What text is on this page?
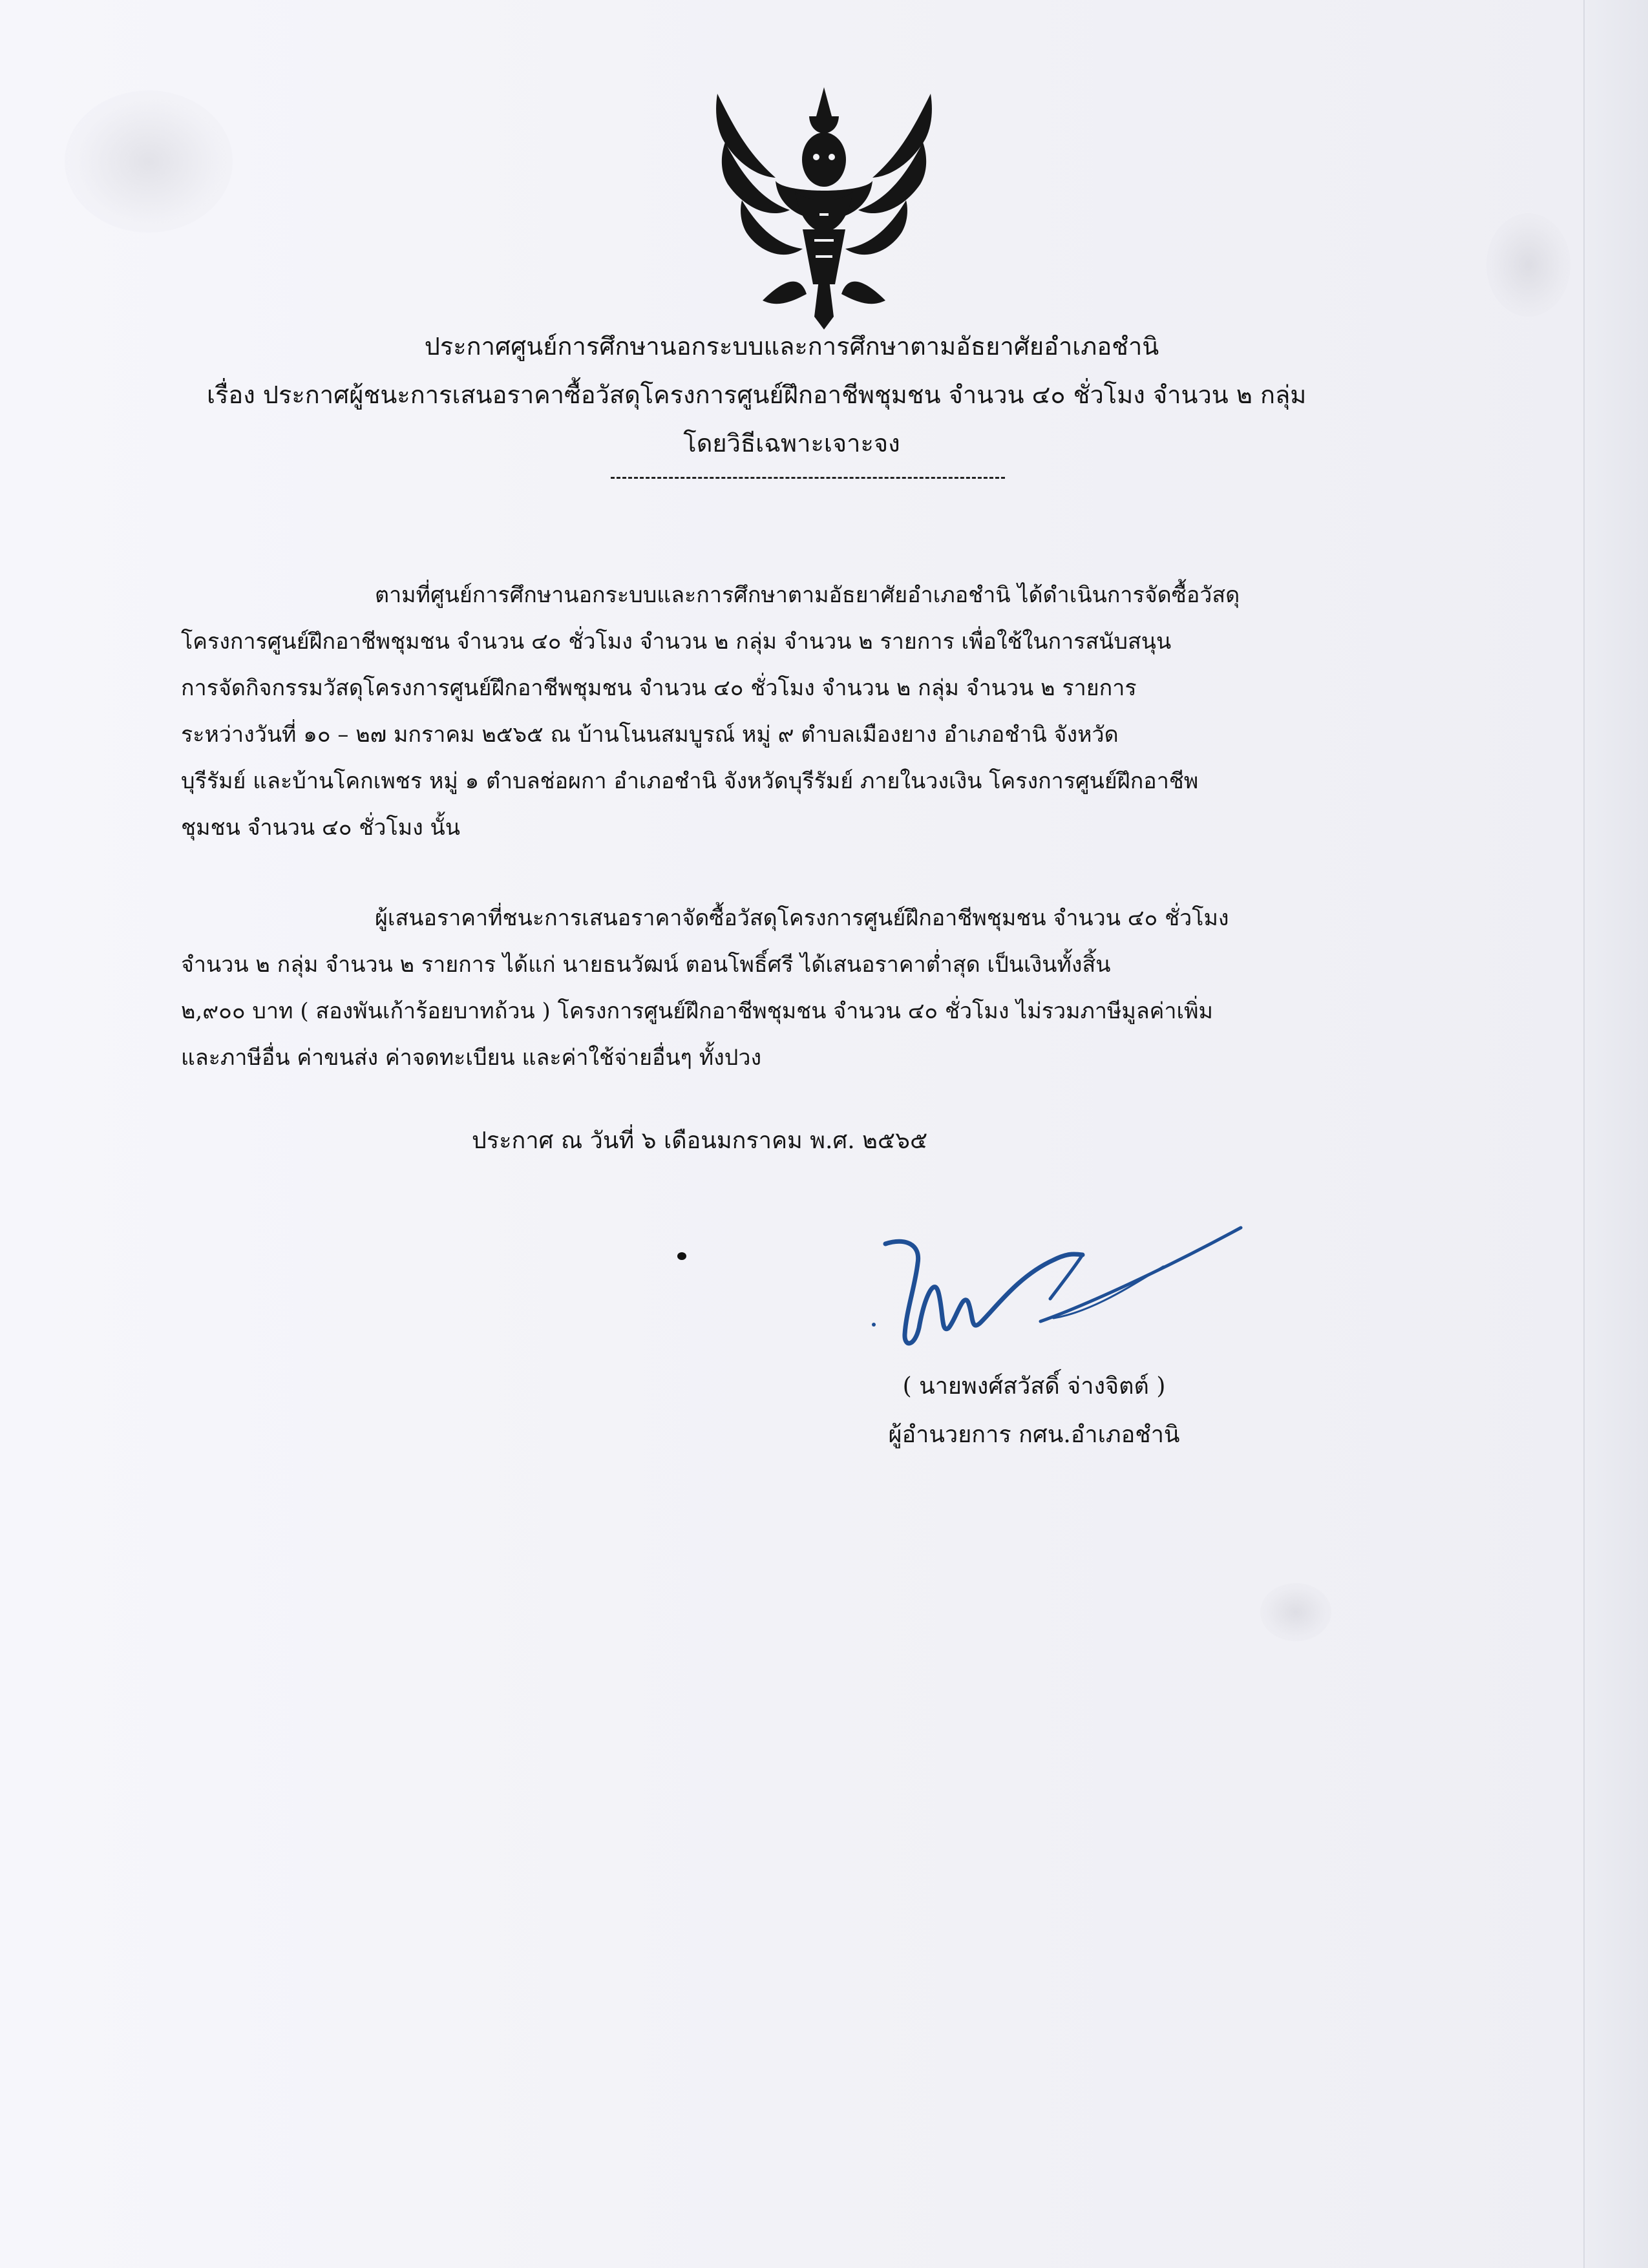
ประกาศศูนย์การศึกษานอกระบบและการศึกษาตามอัธยาศัยอำเภอชำนิ
เรื่อง ประกาศผู้ชนะการเสนอราคาซื้อวัสดุโครงการศูนย์ฝึกอาชีพชุมชน จำนวน ๔๐ ชั่วโมง จำนวน ๒ กลุ่ม
โดยวิธีเฉพาะเจาะจง
ตามที่ศูนย์การศึกษานอกระบบและการศึกษาตามอัธยาศัยอำเภอชำนิ ได้ดำเนินการจัดซื้อวัสดุ
โครงการศูนย์ฝึกอาชีพชุมชน จำนวน ๔๐ ชั่วโมง จำนวน ๒ กลุ่ม จำนวน ๒ รายการ เพื่อใช้ในการสนับสนุน
การจัดกิจกรรมวัสดุโครงการศูนย์ฝึกอาชีพชุมชน จำนวน ๔๐ ชั่วโมง จำนวน ๒ กลุ่ม จำนวน ๒ รายการ
ระหว่างวันที่ ๑๐ – ๒๗ มกราคม ๒๕๖๕ ณ บ้านโนนสมบูรณ์ หมู่ ๙ ตำบลเมืองยาง อำเภอชำนิ จังหวัด
บุรีรัมย์ และบ้านโคกเพชร หมู่ ๑ ตำบลช่อผกา อำเภอชำนิ จังหวัดบุรีรัมย์ ภายในวงเงิน โครงการศูนย์ฝึกอาชีพ
ชุมชน จำนวน ๔๐ ชั่วโมง นั้น
ผู้เสนอราคาที่ชนะการเสนอราคาจัดซื้อวัสดุโครงการศูนย์ฝึกอาชีพชุมชน จำนวน ๔๐ ชั่วโมง
จำนวน ๒ กลุ่ม จำนวน ๒ รายการ ได้แก่ นายธนวัฒน์ ตอนโพธิ์ศรี ได้เสนอราคาต่ำสุด เป็นเงินทั้งสิ้น
๒,๙๐๐ บาท ( สองพันเก้าร้อยบาทถ้วน ) โครงการศูนย์ฝึกอาชีพชุมชน จำนวน ๔๐ ชั่วโมง ไม่รวมภาษีมูลค่าเพิ่ม
และภาษีอื่น ค่าขนส่ง ค่าจดทะเบียน และค่าใช้จ่ายอื่นๆ ทั้งปวง
ประกาศ ณ วันที่ ๖ เดือนมกราคม พ.ศ. ๒๕๖๕
( นายพงศ์สวัสดิ์ จ่างจิตต์ )
ผู้อำนวยการ กศน.อำเภอชำนิ
